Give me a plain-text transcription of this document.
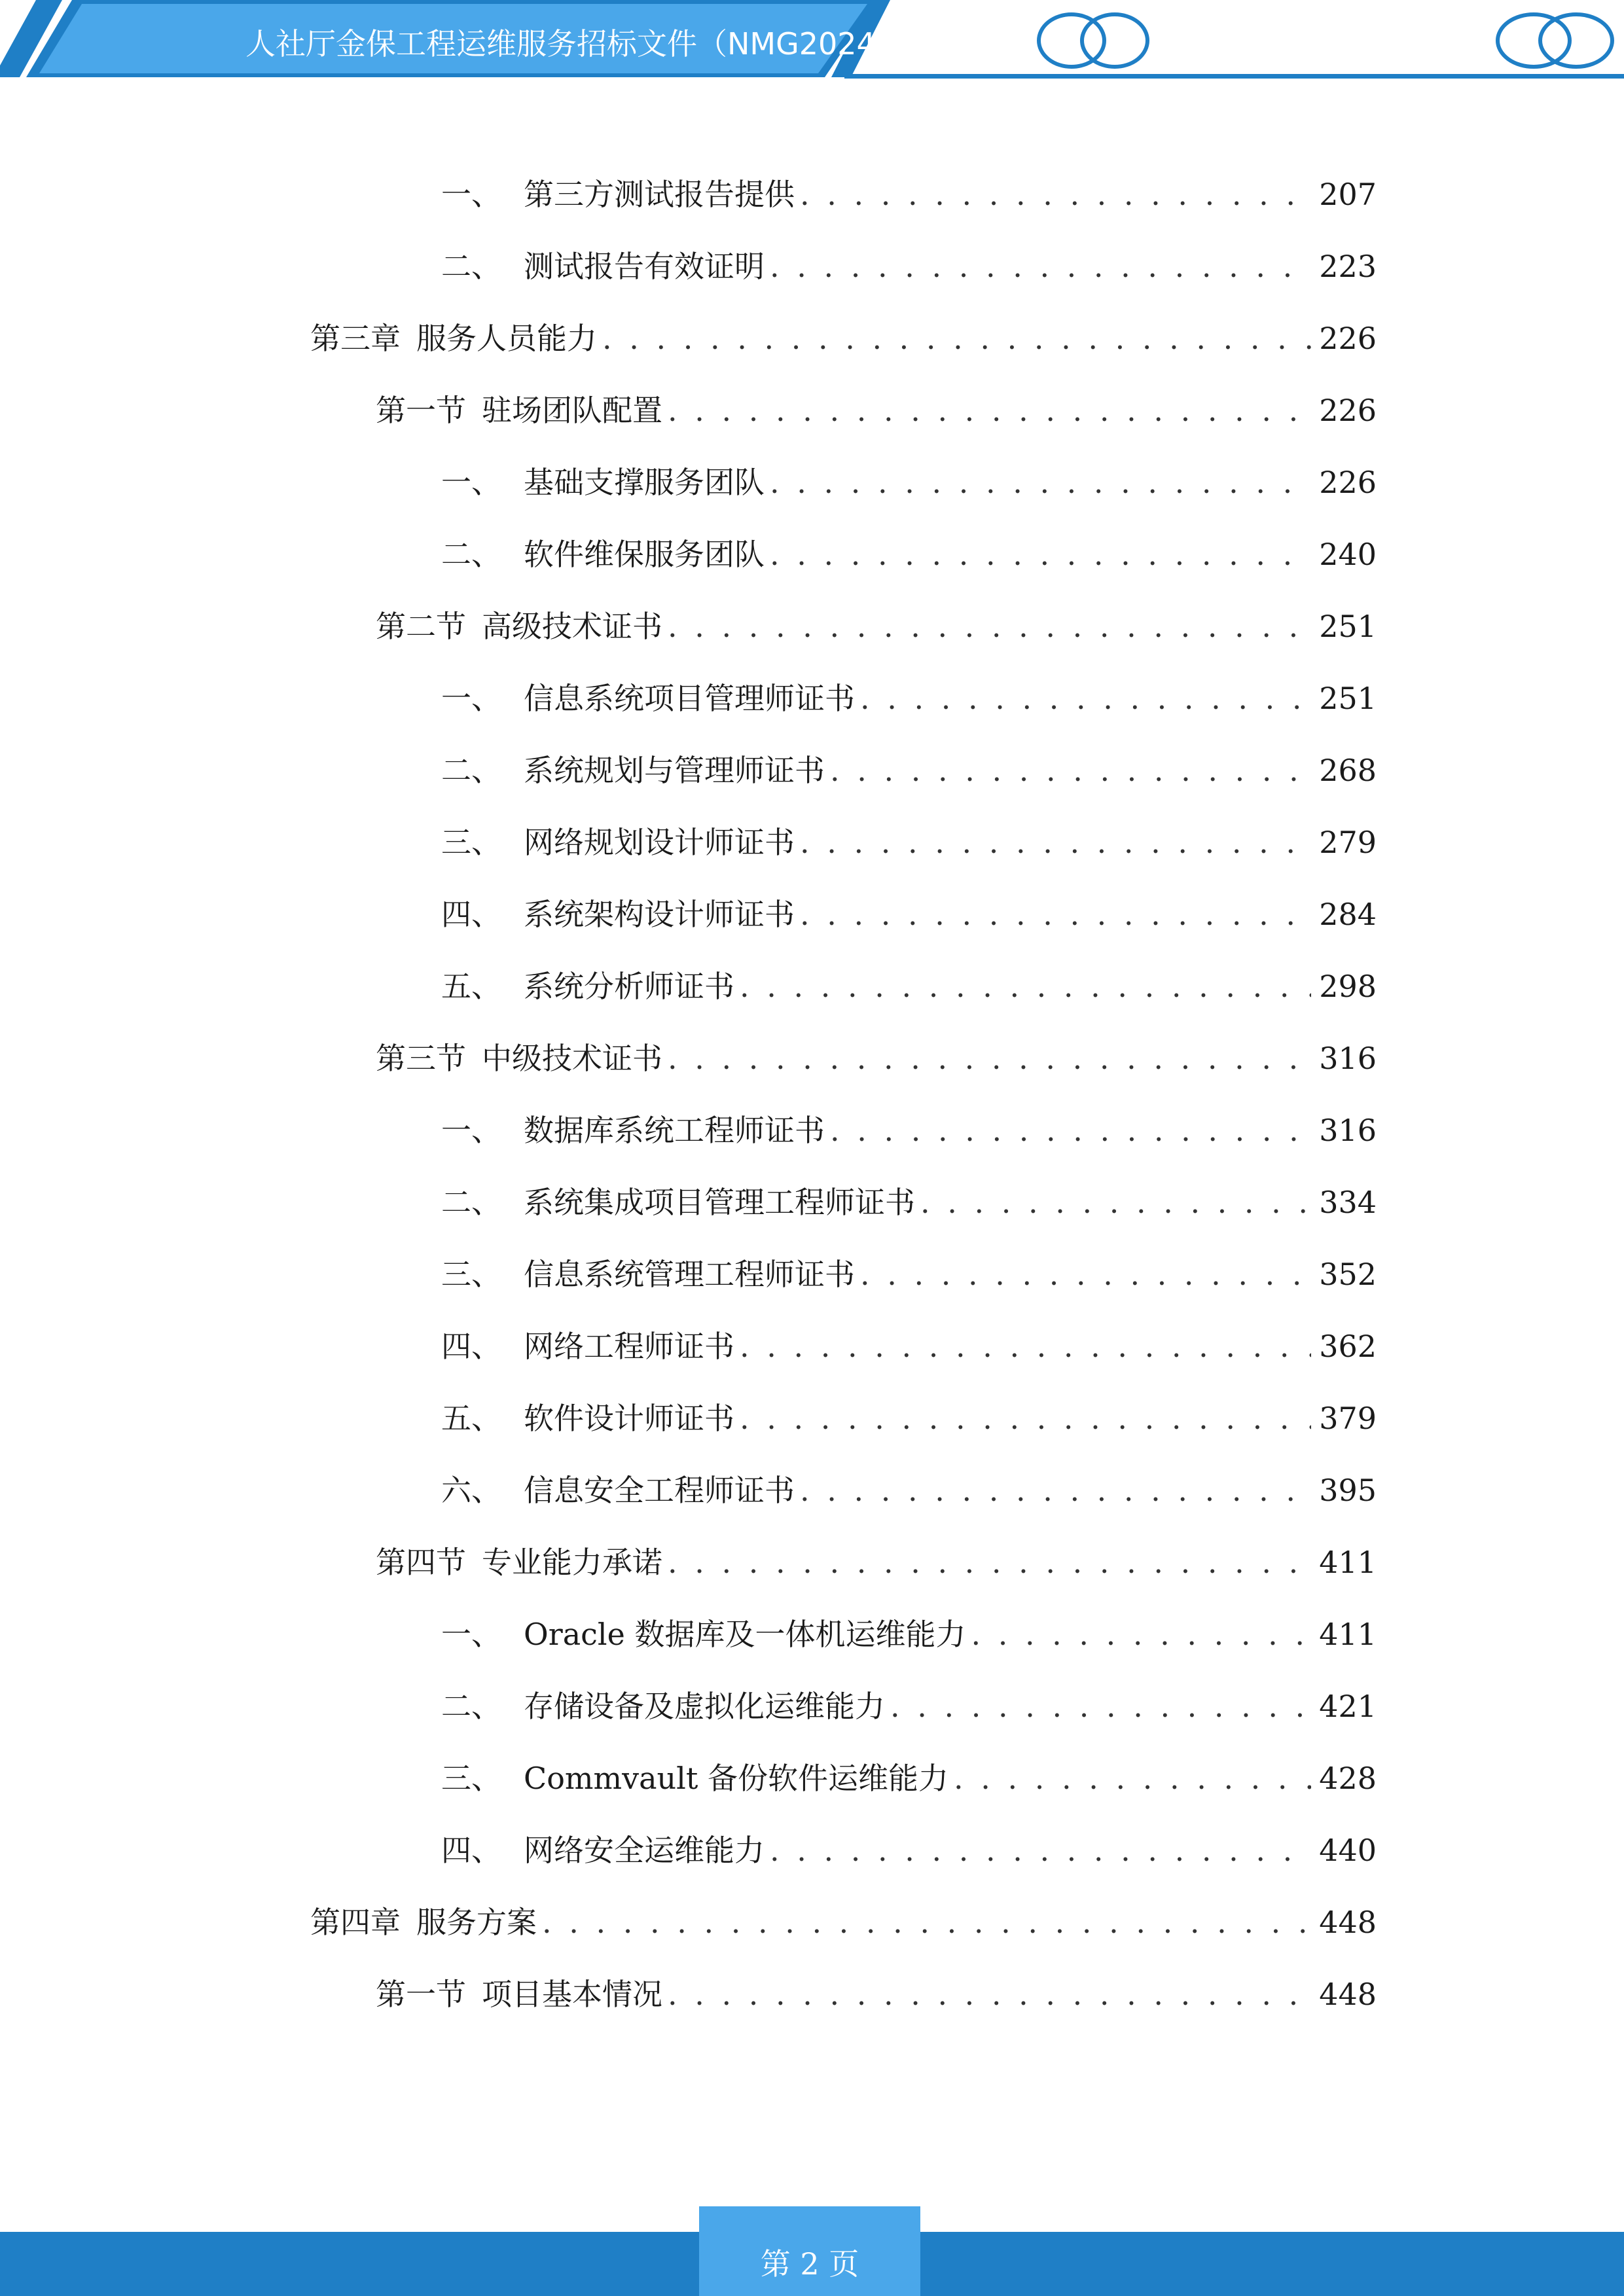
人社厅金保工程运维服务招标文件（NMG2024
一、 第三方测试报告提供 . . .	207
二、 测试报告有效证明 . . .	223
第三章 服务人员能力 . . .	226
第一节 驻场团队配置 . . .	226
一、 基础支撑服务团队 . . .	226
二、 软件维保服务团队 . . .	240
第二节 高级技术证书 . . .	251
一、 信息系统项目管理师证书 . . .	251
二、 系统规划与管理师证书 . . .	268
三、 网络规划设计师证书 . . .	279
四、 系统架构设计师证书 . . .	284
五、 系统分析师证书 . . .	298
第三节 中级技术证书 . . .	316
一、 数据库系统工程师证书 . . .	316
二、 系统集成项目管理工程师证书 . . .	334
三、 信息系统管理工程师证书 . . .	352
四、 网络工程师证书 . . .	362
五、 软件设计师证书 . . .	379
六、 信息安全工程师证书 . . .	395
第四节 专业能力承诺 . . .	411
一、 Oracle 数据库及一体机运维能力 . . .	411
二、 存储设备及虚拟化运维能力 . . .	421
三、 Commvault 备份软件运维能力 . . .	428
四、 网络安全运维能力 . . .	440
第四章 服务方案 . . .	448
第一节 项目基本情况 . . .	448
第 2 页
